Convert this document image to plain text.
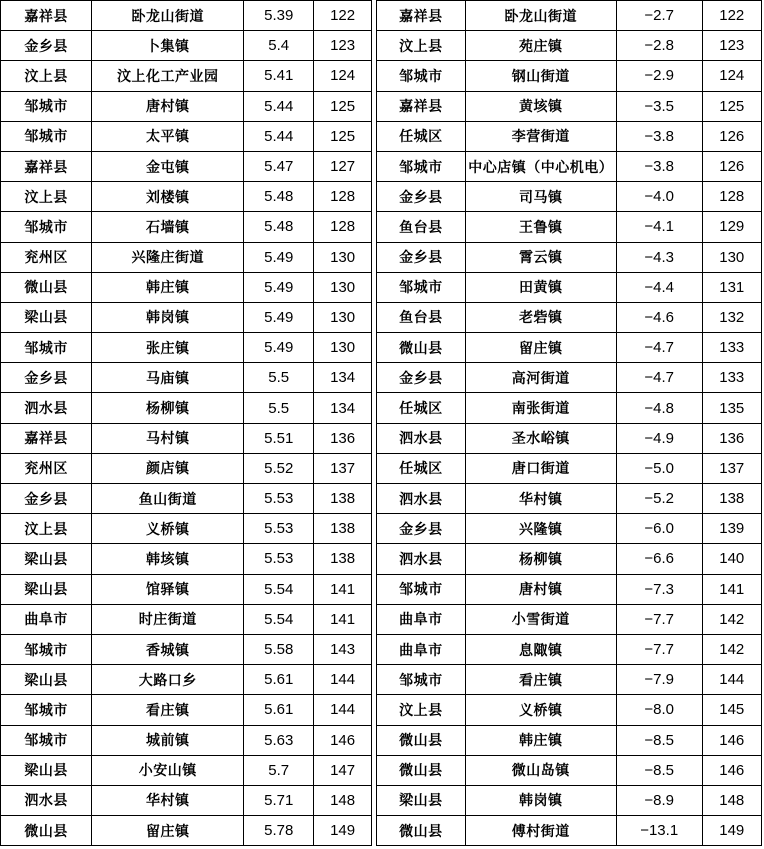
嘉祥县	卧龙山街道	5.39	122
金乡县	卜集镇	5.4	123
汶上县	汶上化工产业园	5.41	124
邹城市	唐村镇	5.44	125
邹城市	太平镇	5.44	125
嘉祥县	金屯镇	5.47	127
汶上县	刘楼镇	5.48	128
邹城市	石墙镇	5.48	128
兖州区	兴隆庄街道	5.49	130
微山县	韩庄镇	5.49	130
梁山县	韩岗镇	5.49	130
邹城市	张庄镇	5.49	130
金乡县	马庙镇	5.5	134
泗水县	杨柳镇	5.5	134
嘉祥县	马村镇	5.51	136
兖州区	颜店镇	5.52	137
金乡县	鱼山街道	5.53	138
汶上县	义桥镇	5.53	138
梁山县	韩垓镇	5.53	138
梁山县	馆驿镇	5.54	141
曲阜市	时庄街道	5.54	141
邹城市	香城镇	5.58	143
梁山县	大路口乡	5.61	144
邹城市	看庄镇	5.61	144
邹城市	城前镇	5.63	146
梁山县	小安山镇	5.7	147
泗水县	华村镇	5.71	148
微山县	留庄镇	5.78	149
嘉祥县	卧龙山街道	−2.7	122
汶上县	苑庄镇	−2.8	123
邹城市	钢山街道	−2.9	124
嘉祥县	黄垓镇	−3.5	125
任城区	李营街道	−3.8	126
邹城市	中心店镇（中心机电）	−3.8	126
金乡县	司马镇	−4.0	128
鱼台县	王鲁镇	−4.1	129
金乡县	霄云镇	−4.3	130
邹城市	田黄镇	−4.4	131
鱼台县	老砦镇	−4.6	132
微山县	留庄镇	−4.7	133
金乡县	高河街道	−4.7	133
任城区	南张街道	−4.8	135
泗水县	圣水峪镇	−4.9	136
任城区	唐口街道	−5.0	137
泗水县	华村镇	−5.2	138
金乡县	兴隆镇	−6.0	139
泗水县	杨柳镇	−6.6	140
邹城市	唐村镇	−7.3	141
曲阜市	小雪街道	−7.7	142
曲阜市	息陬镇	−7.7	142
邹城市	看庄镇	−7.9	144
汶上县	义桥镇	−8.0	145
微山县	韩庄镇	−8.5	146
微山县	微山岛镇	−8.5	146
梁山县	韩岗镇	−8.9	148
微山县	傅村街道	−13.1	149
